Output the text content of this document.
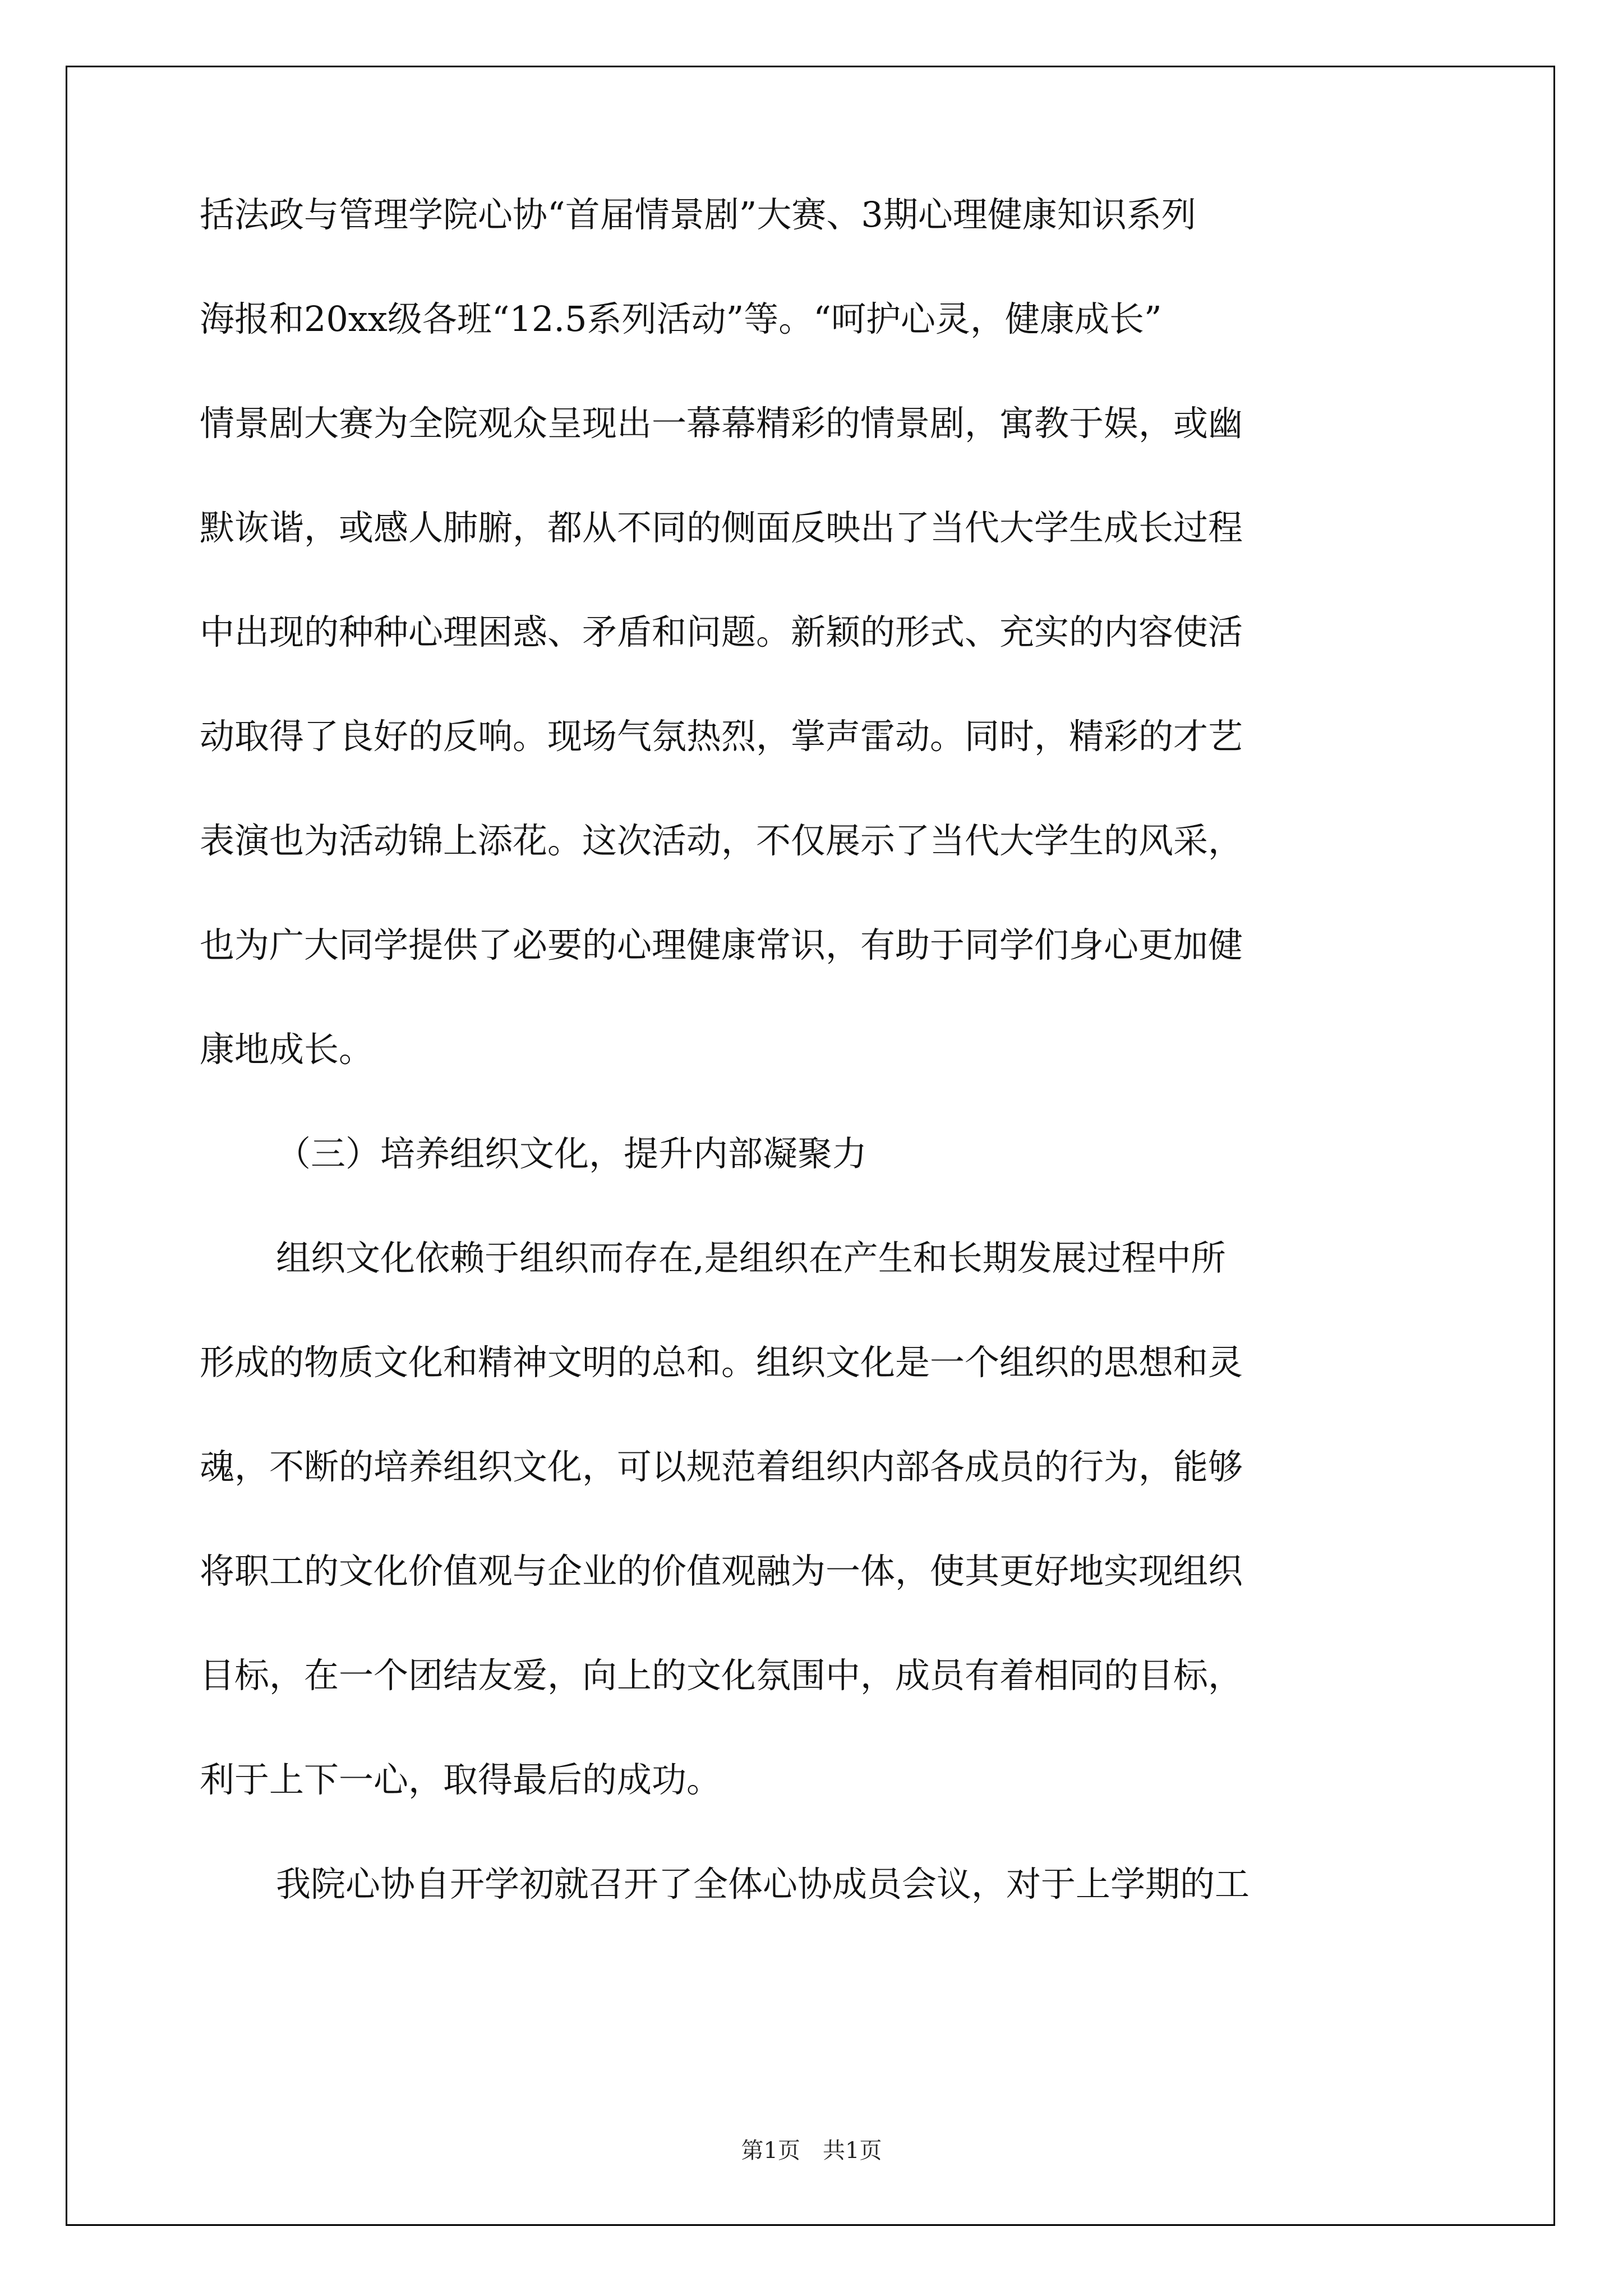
括法政与管理学院心协“首届情景剧”大赛、3期心理健康知识系列
海报和20xx级各班“12.5系列活动”等。“呵护心灵，健康成长”
情景剧大赛为全院观众呈现出一幕幕精彩的情景剧，寓教于娱，或幽
默诙谐，或感人肺腑，都从不同的侧面反映出了当代大学生成长过程
中出现的种种心理困惑、矛盾和问题。新颖的形式、充实的内容使活
动取得了良好的反响。现场气氛热烈，掌声雷动。同时，精彩的才艺
表演也为活动锦上添花。这次活动，不仅展示了当代大学生的风采，
也为广大同学提供了必要的心理健康常识，有助于同学们身心更加健
康地成长。
（三）培养组织文化，提升内部凝聚力
组织文化依赖于组织而存在,是组织在产生和长期发展过程中所
形成的物质文化和精神文明的总和。组织文化是一个组织的思想和灵
魂，不断的培养组织文化，可以规范着组织内部各成员的行为，能够
将职工的文化价值观与企业的价值观融为一体，使其更好地实现组织
目标，在一个团结友爱，向上的文化氛围中，成员有着相同的目标，
利于上下一心，取得最后的成功。
我院心协自开学初就召开了全体心协成员会议，对于上学期的工
第1页　共1页
